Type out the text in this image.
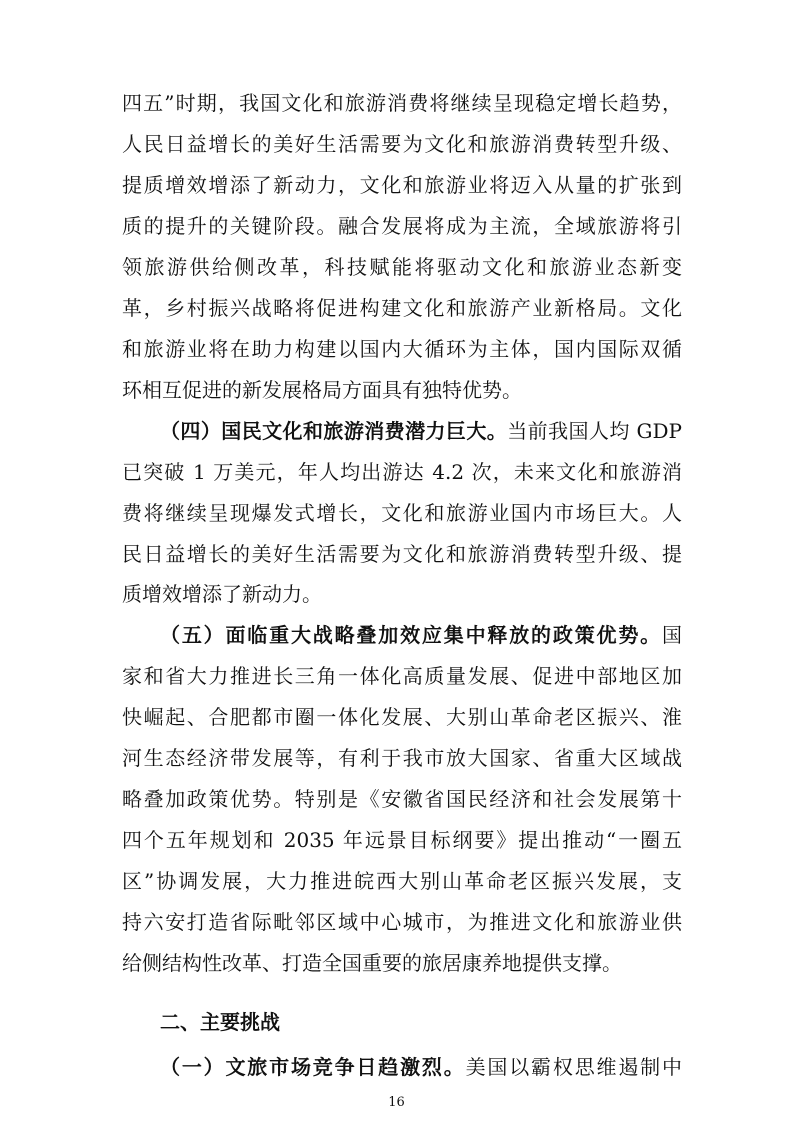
四五”时期，我国文化和旅游消费将继续呈现稳定增长趋势，
人民日益增长的美好生活需要为文化和旅游消费转型升级、
提质增效增添了新动力，文化和旅游业将迈入从量的扩张到
质的提升的关键阶段。融合发展将成为主流，全域旅游将引
领旅游供给侧改革，科技赋能将驱动文化和旅游业态新变
革，乡村振兴战略将促进构建文化和旅游产业新格局。文化
和旅游业将在助力构建以国内大循环为主体，国内国际双循
环相互促进的新发展格局方面具有独特优势。
（四）国民文化和旅游消费潜力巨大。当前我国人均 GDP
已突破 1 万美元，年人均出游达 4.2 次，未来文化和旅游消
费将继续呈现爆发式增长，文化和旅游业国内市场巨大。人
民日益增长的美好生活需要为文化和旅游消费转型升级、提
质增效增添了新动力。
（五）面临重大战略叠加效应集中释放的政策优势。国
家和省大力推进长三角一体化高质量发展、促进中部地区加
快崛起、合肥都市圈一体化发展、大别山革命老区振兴、淮
河生态经济带发展等，有利于我市放大国家、省重大区域战
略叠加政策优势。特别是《安徽省国民经济和社会发展第十
四个五年规划和 2035 年远景目标纲要》提出推动“一圈五
区”协调发展，大力推进皖西大别山革命老区振兴发展，支
持六安打造省际毗邻区域中心城市，为推进文化和旅游业供
给侧结构性改革、打造全国重要的旅居康养地提供支撑。
二、主要挑战
（一）文旅市场竞争日趋激烈。美国以霸权思维遏制中
16
